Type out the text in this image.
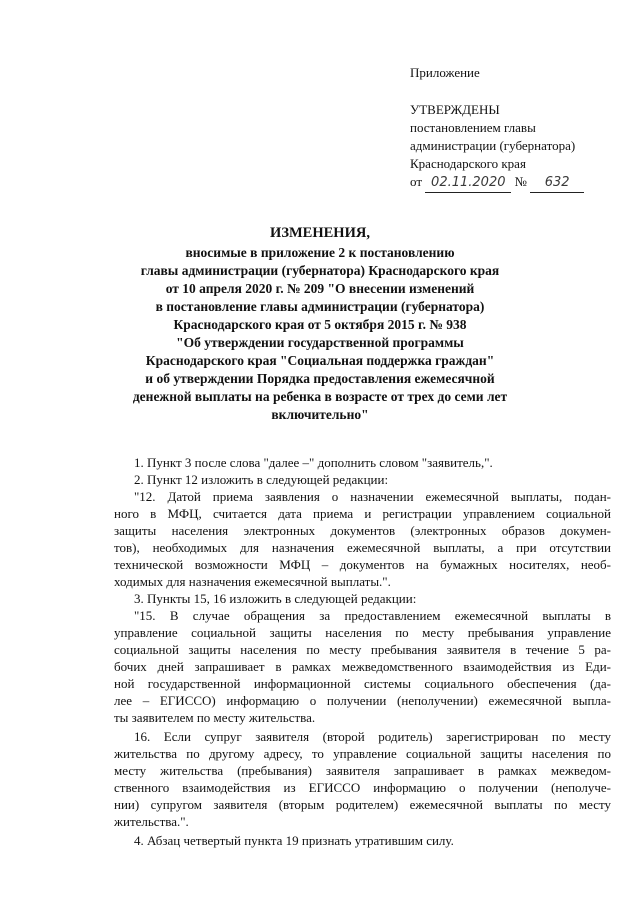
Приложение
УТВЕРЖДЕНЫ
постановлением главы
администрации (губернатора)
Краснодарского края
от 02.11.2020 № 632
ИЗМЕНЕНИЯ,
вносимые в приложение 2 к постановлению
главы администрации (губернатора) Краснодарского края
от 10 апреля 2020 г. № 209 "О внесении изменений
в постановление главы администрации (губернатора)
Краснодарского края от 5 октября 2015 г. № 938
"Об утверждении государственной программы
Краснодарского края "Социальная поддержка граждан"
и об утверждении Порядка предоставления ежемесячной
денежной выплаты на ребенка в возрасте от трех до семи лет
включительно"
1. Пункт 3 после слова "далее –" дополнить словом "заявитель,".
2. Пункт 12 изложить в следующей редакции:
"12. Датой приема заявления о назначении ежемесячной выплаты, подан-
ного в МФЦ, считается дата приема и регистрации управлением социальной
защиты населения электронных документов (электронных образов докумен-
тов), необходимых для назначения ежемесячной выплаты, а при отсутствии
технической возможности МФЦ – документов на бумажных носителях, необ-
ходимых для назначения ежемесячной выплаты.".
3. Пункты 15, 16 изложить в следующей редакции:
"15. В случае обращения за предоставлением ежемесячной выплаты в
управление социальной защиты населения по месту пребывания управление
социальной защиты населения по месту пребывания заявителя в течение 5 ра-
бочих дней запрашивает в рамках межведомственного взаимодействия из Еди-
ной государственной информационной системы социального обеспечения (да-
лее – ЕГИССО) информацию о получении (неполучении) ежемесячной выпла-
ты заявителем по месту жительства.
16. Если супруг заявителя (второй родитель) зарегистрирован по месту
жительства по другому адресу, то управление социальной защиты населения по
месту жительства (пребывания) заявителя запрашивает в рамках межведом-
ственного взаимодействия из ЕГИССО информацию о получении (неполуче-
нии) супругом заявителя (вторым родителем) ежемесячной выплаты по месту
жительства.".
4. Абзац четвертый пункта 19 признать утратившим силу.
